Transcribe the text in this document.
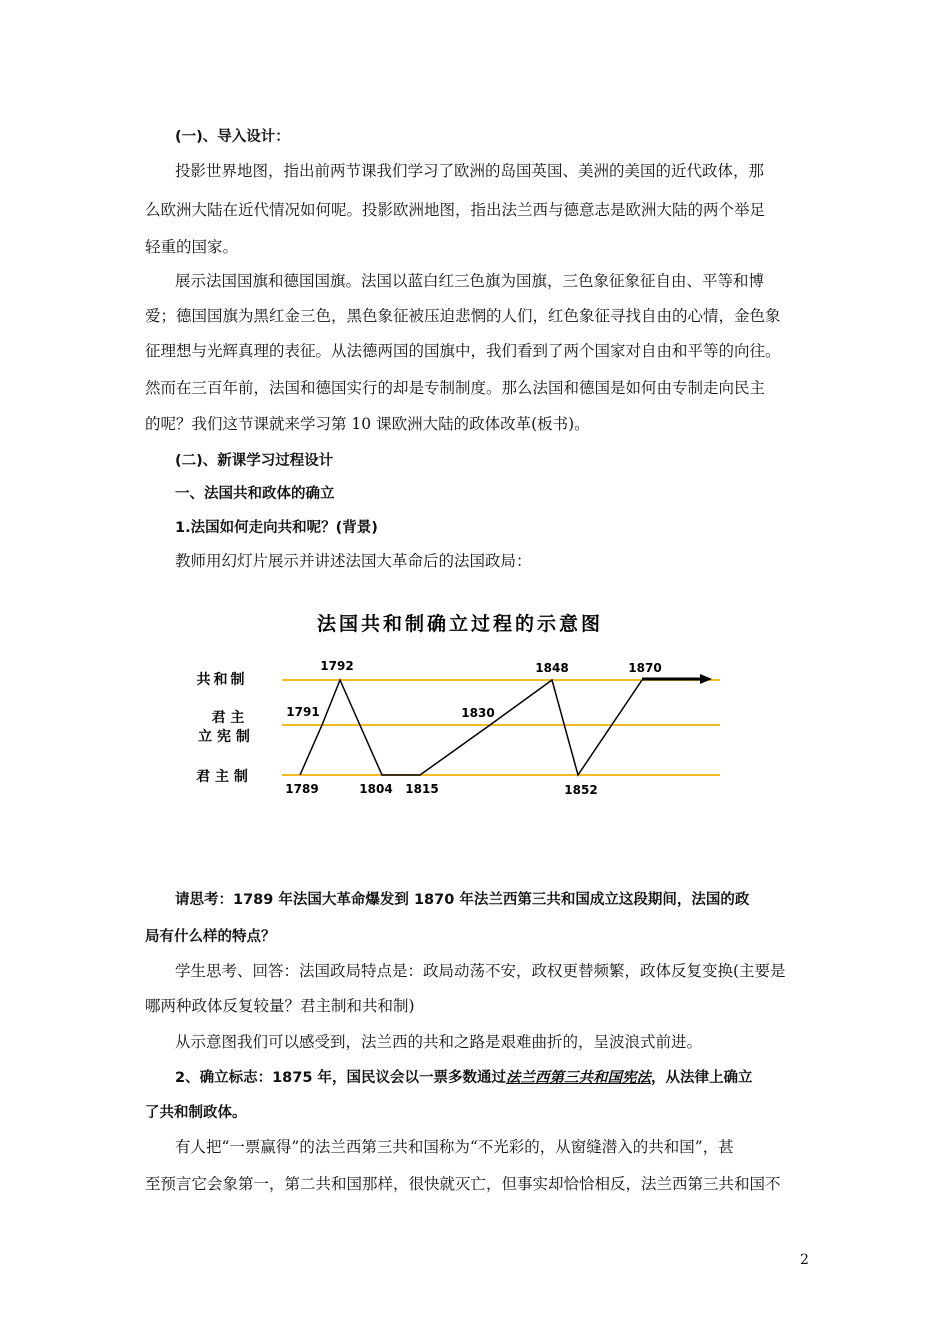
(一)、导入设计：
投影世界地图，指出前两节课我们学习了欧洲的岛国英国、美洲的美国的近代政体，那
么欧洲大陆在近代情况如何呢。投影欧洲地图，指出法兰西与德意志是欧洲大陆的两个举足
轻重的国家。
展示法国国旗和德国国旗。法国以蓝白红三色旗为国旗，三色象征象征自由、平等和博
爱；德国国旗为黑红金三色，黑色象征被压迫悲惘的人们，红色象征寻找自由的心情，金色象
征理想与光辉真理的表征。从法德两国的国旗中，我们看到了两个国家对自由和平等的向往。
然而在三百年前，法国和德国实行的却是专制制度。那么法国和德国是如何由专制走向民主
的呢？我们这节课就来学习第 10 课欧洲大陆的政体改革(板书)。
(二)、新课学习过程设计
一、法国共和政体的确立
1.法国如何走向共和呢？(背景)
教师用幻灯片展示并讲述法国大革命后的法国政局：
法国共和制确立过程的示意图
共和制
君 主
立 宪 制
君 主 制
1789
1791
1792
1804 1815
1830
1848
1852
1870
请思考：1789 年法国大革命爆发到 1870 年法兰西第三共和国成立这段期间，法国的政
局有什么样的特点？
学生思考、回答：法国政局特点是：政局动荡不安，政权更替频繁，政体反复变换(主要是
哪两种政体反复较量？君主制和共和制)
从示意图我们可以感受到，法兰西的共和之路是艰难曲折的，呈波浪式前进。
2、确立标志：1875 年，国民议会以一票多数通过法兰西第三共和国宪法，从法律上确立
了共和制政体。
有人把“一票赢得”的法兰西第三共和国称为“不光彩的，从窗缝潜入的共和国”，甚
至预言它会象第一，第二共和国那样，很快就灭亡，但事实却恰恰相反，法兰西第三共和国不
2
